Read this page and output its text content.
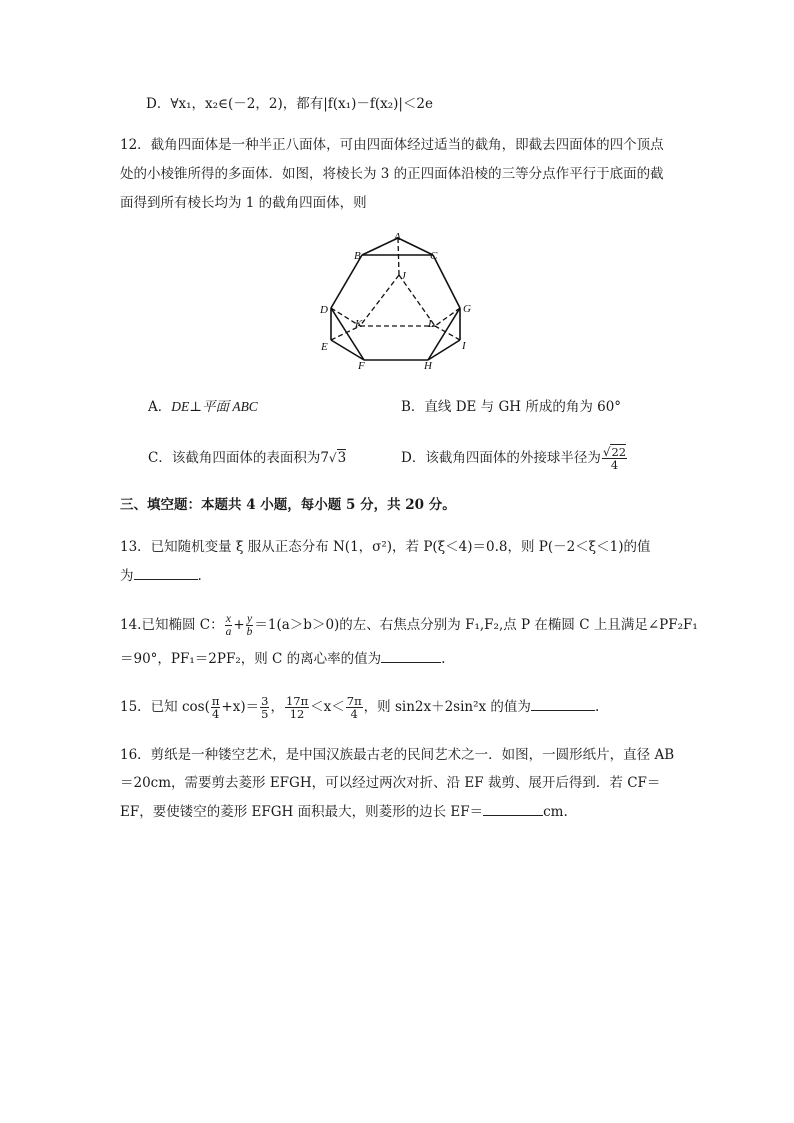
D．∀x₁，x₂∈(－2，2)，都有|f(x₁)－f(x₂)|＜2e
12．截角四面体是一种半正八面体，可由四面体经过适当的截角，即截去四面体的四个顶点
处的小棱锥所得的多面体．如图，将棱长为 3 的正四面体沿棱的三等分点作平行于底面的截
面得到所有棱长均为 1 的截角四面体，则
A
B	C
J
D	G
K	L
E	I
F	H
A．DE⊥平面 ABC	B．直线 DE 与 GH 所成的角为 60°
C．该截角四面体的表面积为7√3	D．该截角四面体的外接球半径为 $\frac{√22}{4}$
三、填空题：本题共 4 小题，每小题 5 分，共 20 分。
13．已知随机变量 ξ 服从正态分布 N(1，σ²)，若 P(ξ＜4)＝0.8，则 P(－2＜ξ＜1)的值
为	.
14.已知椭圆 C： $\frac{x}{a} + \frac{y}{b} =1(a>b>0)$的左、右焦点分别为 F₁,F₂,点 P 在椭圆 C 上且满足∠PF₂F₁
＝90°，PF₁＝2PF₂，则 C 的离心率的值为	.
15．已知 $\cos( \frac{\pi}{4} +x)= \frac{3}{5}$ ， $\frac{17\pi}{12} <x< \frac{7\pi}{4}$ ，则 sin2x＋2sin²x 的值为	.
16．剪纸是一种镂空艺术，是中国汉族最古老的民间艺术之一．如图，一圆形纸片，直径 AB
＝20cm，需要剪去菱形 EFGH，可以经过两次对折、沿 EF 裁剪、展开后得到．若 CF＝
EF，要使镂空的菱形 EFGH 面积最大，则菱形的边长 EF＝	cm.
